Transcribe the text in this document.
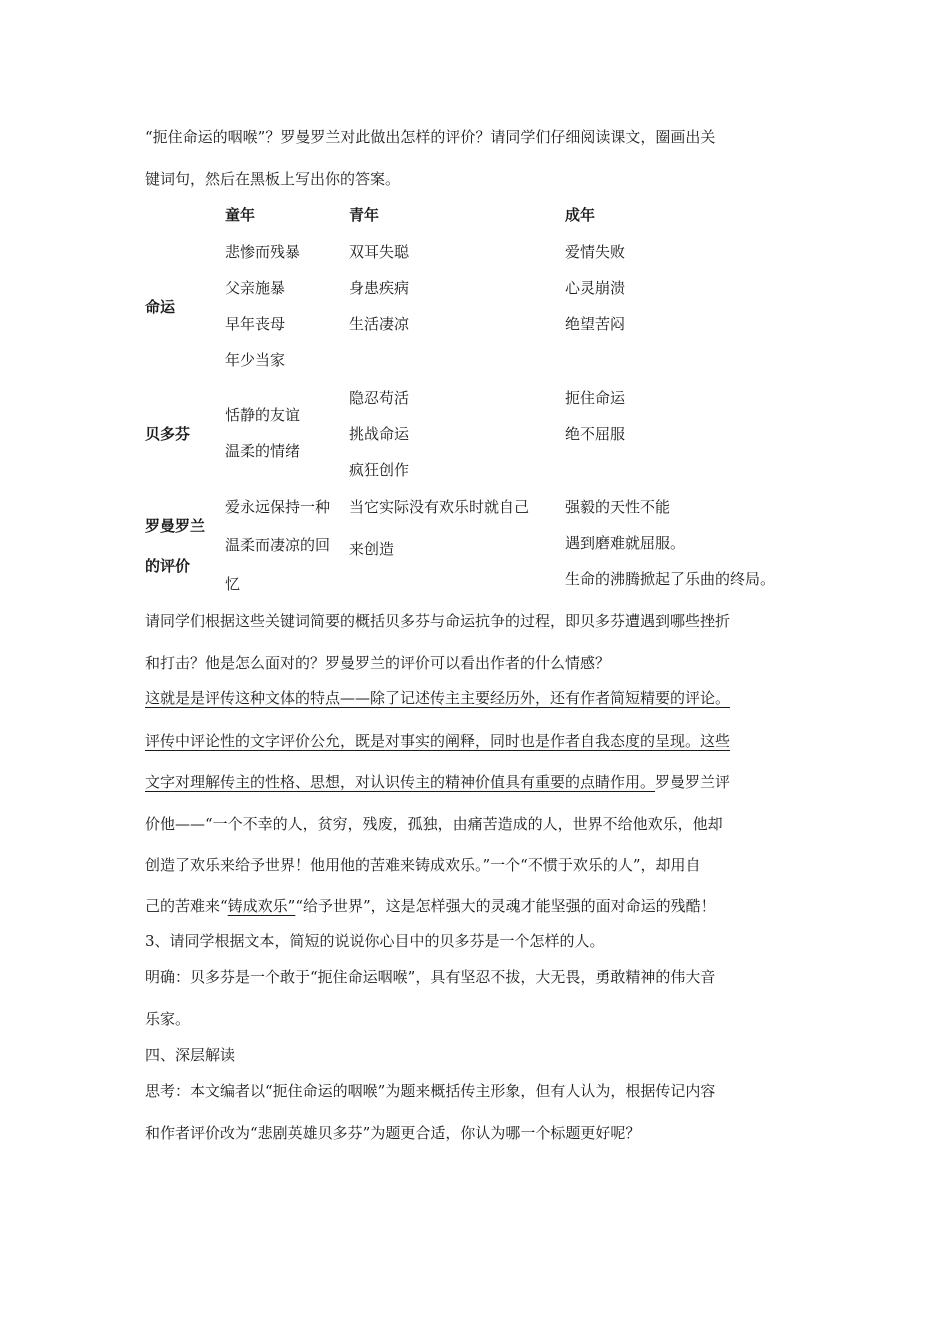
“扼住命运的咽喉”？罗曼罗兰对此做出怎样的评价？请同学们仔细阅读课文，圈画出关
键词句，然后在黑板上写出你的答案。
童年	青年	成年
命运
悲惨而残暴
父亲施暴
早年丧母
年少当家
双耳失聪
身患疾病
生活凄凉
爱情失败
心灵崩溃
绝望苦闷
贝多芬
恬静的友谊
温柔的情绪
隐忍苟活
挑战命运
疯狂创作
扼住命运
绝不屈服
罗曼罗兰
的评价
爱永远保持一种
温柔而凄凉的回
忆
当它实际没有欢乐时就自己
来创造
强毅的天性不能
遇到磨难就屈服。
生命的沸腾掀起了乐曲的终局。
请同学们根据这些关键词简要的概括贝多芬与命运抗争的过程，即贝多芬遭遇到哪些挫折
和打击？他是怎么面对的？罗曼罗兰的评价可以看出作者的什么情感？
这就是是评传这种文体的特点——除了记述传主主要经历外，还有作者简短精要的评论。
评传中评论性的文字评价公允，既是对事实的阐释，同时也是作者自我态度的呈现。这些
文字对理解传主的性格、思想，对认识传主的精神价值具有重要的点睛作用。罗曼罗兰评
价他——“一个不幸的人，贫穷，残废，孤独，由痛苦造成的人，世界不给他欢乐，他却
创造了欢乐来给予世界！他用他的苦难来铸成欢乐。”一个“不惯于欢乐的人”，却用自
己的苦难来“铸成欢乐”“给予世界”，这是怎样强大的灵魂才能坚强的面对命运的残酷！
3、请同学根据文本，简短的说说你心目中的贝多芬是一个怎样的人。
明确：贝多芬是一个敢于“扼住命运咽喉”，具有坚忍不拔，大无畏，勇敢精神的伟大音
乐家。
四、深层解读
思考：本文编者以“扼住命运的咽喉”为题来概括传主形象，但有人认为，根据传记内容
和作者评价改为“悲剧英雄贝多芬”为题更合适，你认为哪一个标题更好呢？
